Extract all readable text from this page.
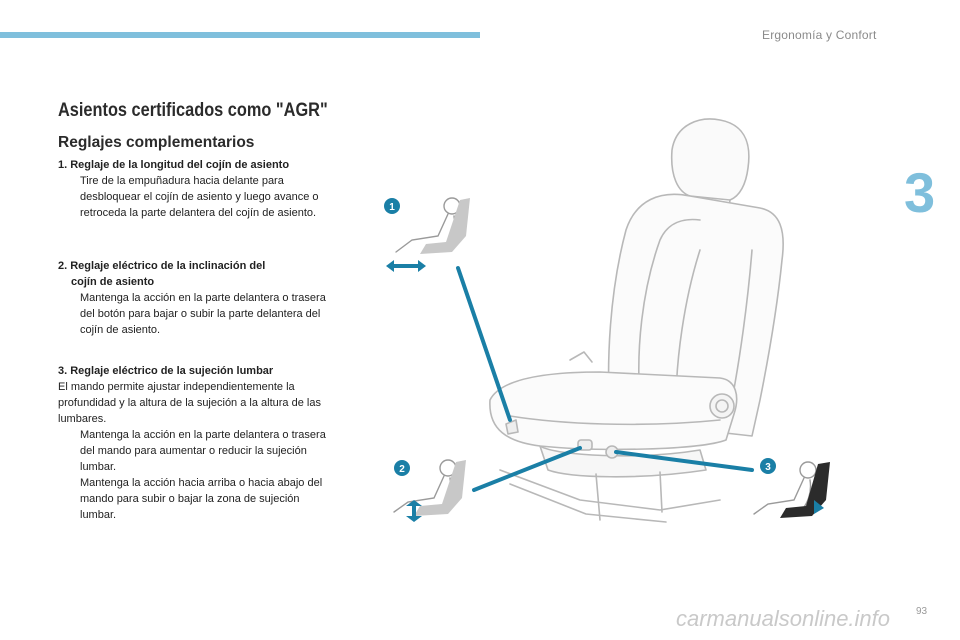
Ergonomía y Confort
3
Asientos certificados como "AGR"
Reglajes complementarios
1. Reglaje de la longitud del cojín de asiento
Tire de la empuñadura hacia delante para desbloquear el cojín de asiento y luego avance o retroceda la parte delantera del cojín de asiento.
2. Reglaje eléctrico de la inclinación del
cojín de asiento
Mantenga la acción en la parte delantera o trasera del botón para bajar o subir la parte delantera del cojín de asiento.
3. Reglaje eléctrico de la sujeción lumbar
El mando permite ajustar independientemente la profundidad y la altura de la sujeción a la altura de las lumbares.
Mantenga la acción en la parte delantera o trasera del mando para aumentar o reducir la sujeción lumbar.
Mantenga la acción hacia arriba o hacia abajo del mando para subir o bajar la zona de sujeción lumbar.
1
2	3
carmanualsonline.info	93
